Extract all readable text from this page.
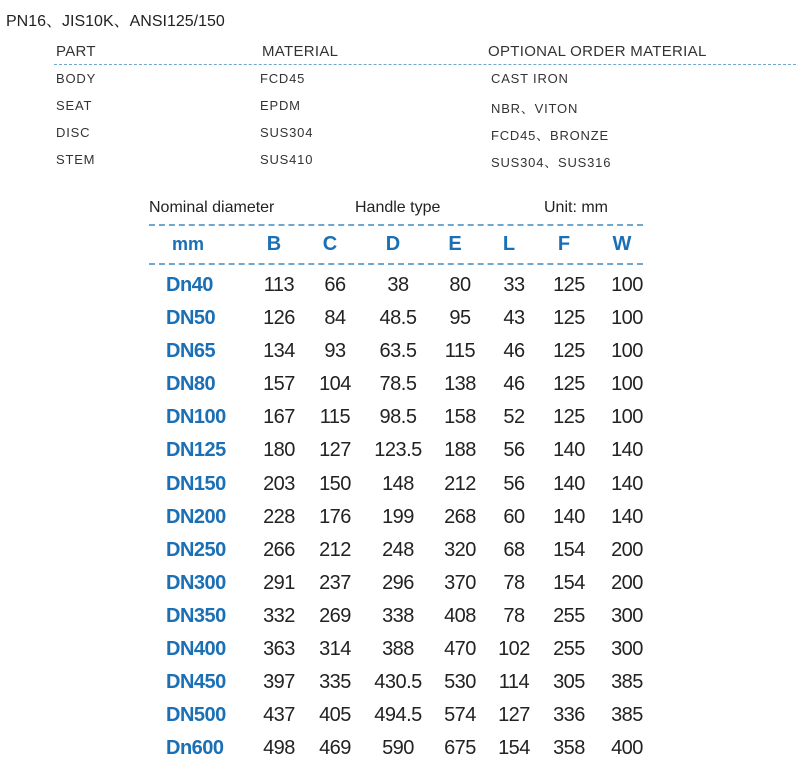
PN16、JIS10K、ANSI125/150
PART	MATERIAL	OPTIONAL ORDER MATERIAL
BODY	FCD45	CAST IRON
SEAT	EPDM	NBR、VITON
DISC	SUS304	FCD45、BRONZE
STEM	SUS410	SUS304、SUS316
Nominal diameter	Handle type	Unit: mm
mm	B	C	D	E	L	F	W
Dn40	113	66	38	80	33	125	100
DN50	126	84	48.5	95	43	125	100
DN65	134	93	63.5	115	46	125	100
DN80	157	104	78.5	138	46	125	100
DN100	167	115	98.5	158	52	125	100
DN125	180	127	123.5	188	56	140	140
DN150	203	150	148	212	56	140	140
DN200	228	176	199	268	60	140	140
DN250	266	212	248	320	68	154	200
DN300	291	237	296	370	78	154	200
DN350	332	269	338	408	78	255	300
DN400	363	314	388	470	102	255	300
DN450	397	335	430.5	530	114	305	385
DN500	437	405	494.5	574	127	336	385
Dn600	498	469	590	675	154	358	400
